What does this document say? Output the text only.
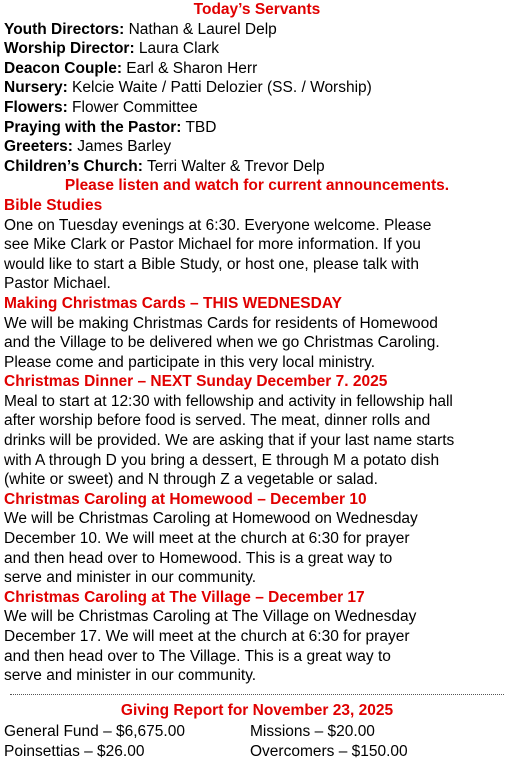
Today’s Servants
Youth Directors: Nathan & Laurel Delp
Worship Director: Laura Clark
Deacon Couple: Earl & Sharon Herr
Nursery: Kelcie Waite / Patti Delozier (SS. / Worship)
Flowers: Flower Committee
Praying with the Pastor: TBD
Greeters: James Barley
Children’s Church: Terri Walter & Trevor Delp
Please listen and watch for current announcements.
Bible Studies
One on Tuesday evenings at 6:30. Everyone welcome. Please
see Mike Clark or Pastor Michael for more information. If you
would like to start a Bible Study, or host one, please talk with
Pastor Michael.
Making Christmas Cards – THIS WEDNESDAY
We will be making Christmas Cards for residents of Homewood
and the Village to be delivered when we go Christmas Caroling.
Please come and participate in this very local ministry.
Christmas Dinner – NEXT Sunday December 7. 2025
Meal to start at 12:30 with fellowship and activity in fellowship hall
after worship before food is served. The meat, dinner rolls and
drinks will be provided. We are asking that if your last name starts
with A through D you bring a dessert, E through M a potato dish
(white or sweet) and N through Z a vegetable or salad.
Christmas Caroling at Homewood – December 10
We will be Christmas Caroling at Homewood on Wednesday
December 10. We will meet at the church at 6:30 for prayer
and then head over to Homewood. This is a great way to
serve and minister in our community.
Christmas Caroling at The Village – December 17
We will be Christmas Caroling at The Village on Wednesday
December 17. We will meet at the church at 6:30 for prayer
and then head over to The Village. This is a great way to
serve and minister in our community.
Giving Report for November 23, 2025
General Fund – $6,675.00	Missions – $20.00
Poinsettias – $26.00	Overcomers – $150.00
